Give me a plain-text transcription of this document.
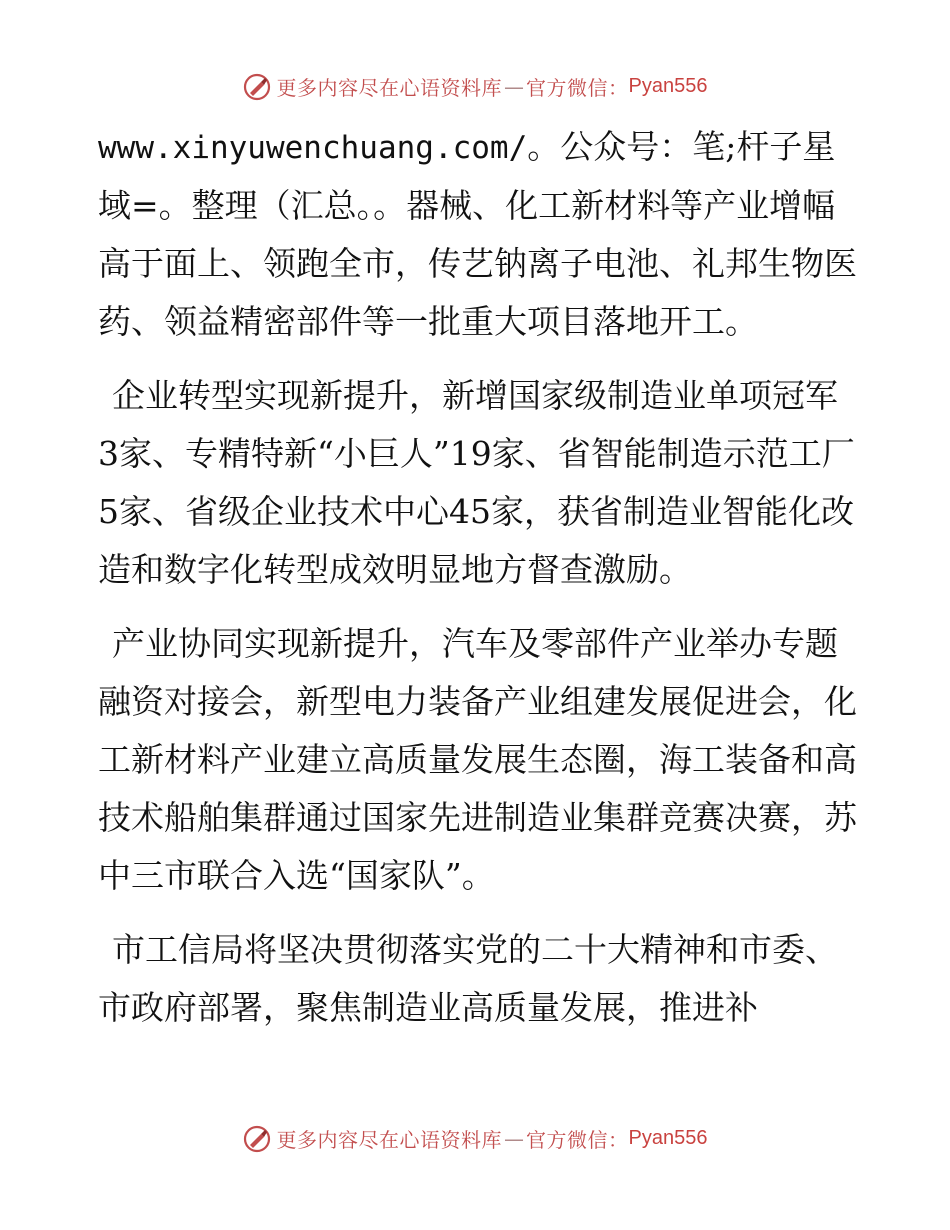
更多内容尽在心语资料库 — 官方微信： Pyan556

www.xinyuwenchuang.com/。公众号：笔;杆子星域=。整理（汇总。。器械、化工新材料等产业增幅高于面上、领跑全市，传艺钠离子电池、礼邦生物医药、领益精密部件等一批重大项目落地开工。

企业转型实现新提升，新增国家级制造业单项冠军3家、专精特新“小巨人”19家、省智能制造示范工厂5家、省级企业技术中心45家，获省制造业智能化改造和数字化转型成效明显地方督查激励。

产业协同实现新提升，汽车及零部件产业举办专题融资对接会，新型电力装备产业组建发展促进会，化工新材料产业建立高质量发展生态圈，海工装备和高技术船舶集群通过国家先进制造业集群竞赛决赛，苏中三市联合入选“国家队”。

市工信局将坚决贯彻落实党的二十大精神和市委、市政府部署，聚焦制造业高质量发展，推进补

更多内容尽在心语资料库 — 官方微信： Pyan556
